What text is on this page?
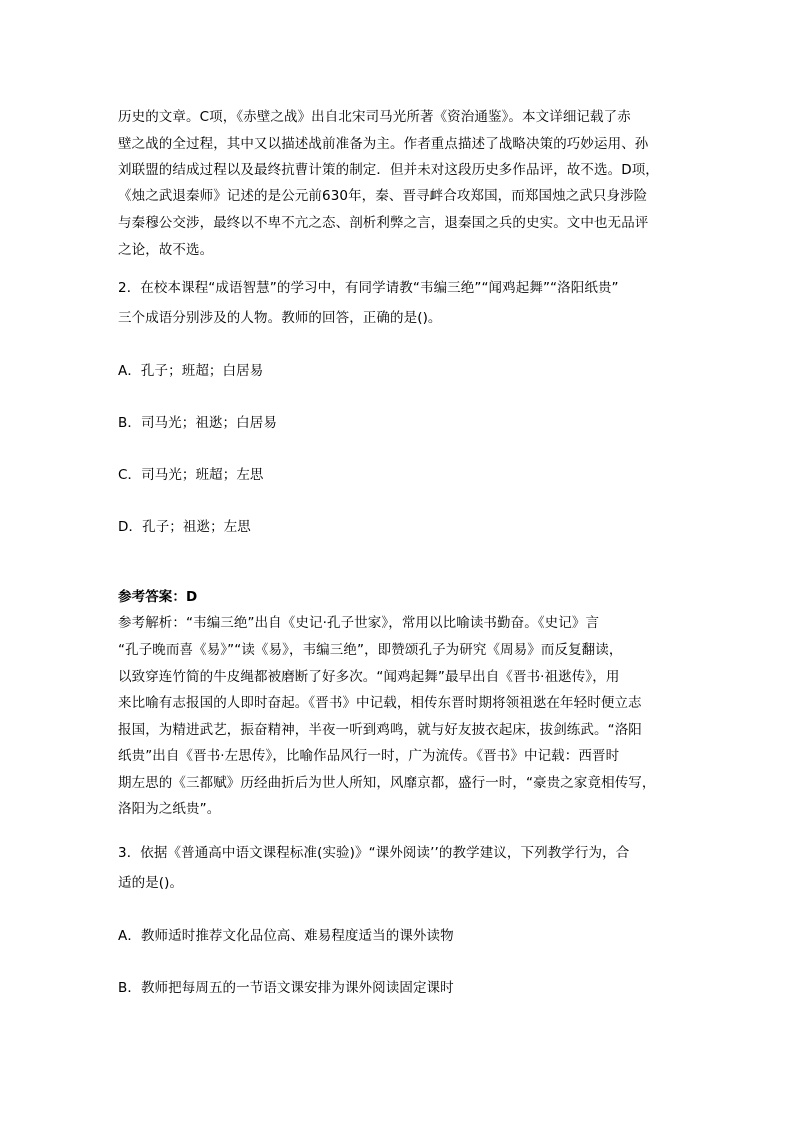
历史的文章。C项，《赤壁之战》出自北宋司马光所著《资治通鉴》。本文详细记载了赤
壁之战的全过程，其中又以描述战前准备为主。作者重点描述了战略决策的巧妙运用、孙
刘联盟的结成过程以及最终抗曹计策的制定．但并未对这段历史多作品评，故不选。D项，
《烛之武退秦师》记述的是公元前630年，秦、晋寻衅合攻郑国，而郑国烛之武只身涉险
与秦穆公交涉，最终以不卑不亢之态、剖析利弊之言，退秦国之兵的史实。文中也无品评
之论，故不选。
2．在校本课程“成语智慧”的学习中，有同学请教“韦编三绝”“闻鸡起舞”“洛阳纸贵”
三个成语分别涉及的人物。教师的回答，正确的是()。
A．孔子；班超；白居易
B．司马光；祖逖；白居易
C．司马光；班超；左思
D．孔子；祖逖；左思
参考答案：D
参考解析：“韦编三绝”出自《史记·孔子世家》，常用以比喻读书勤奋。《史记》言
“孔子晚而喜《易》”“读《易》，韦编三绝”，即赞颂孔子为研究《周易》而反复翻读，
以致穿连竹简的牛皮绳都被磨断了好多次。“闻鸡起舞”最早出自《晋书·祖逖传》，用
来比喻有志报国的人即时奋起。《晋书》中记载，相传东晋时期将领祖逖在年轻时便立志
报国，为精进武艺，振奋精神，半夜一听到鸡鸣，就与好友披衣起床，拔剑练武。“洛阳
纸贵”出自《晋书·左思传》，比喻作品风行一时，广为流传。《晋书》中记载：西晋时
期左思的《三都赋》历经曲折后为世人所知，风靡京都，盛行一时，“豪贵之家竟相传写，
洛阳为之纸贵”。
3．依据《普通高中语文课程标准(实验)》“课外阅读’’的教学建议，下列教学行为，合
适的是()。
A．教师适时推荐文化品位高、难易程度适当的课外读物
B．教师把每周五的一节语文课安排为课外阅读固定课时
